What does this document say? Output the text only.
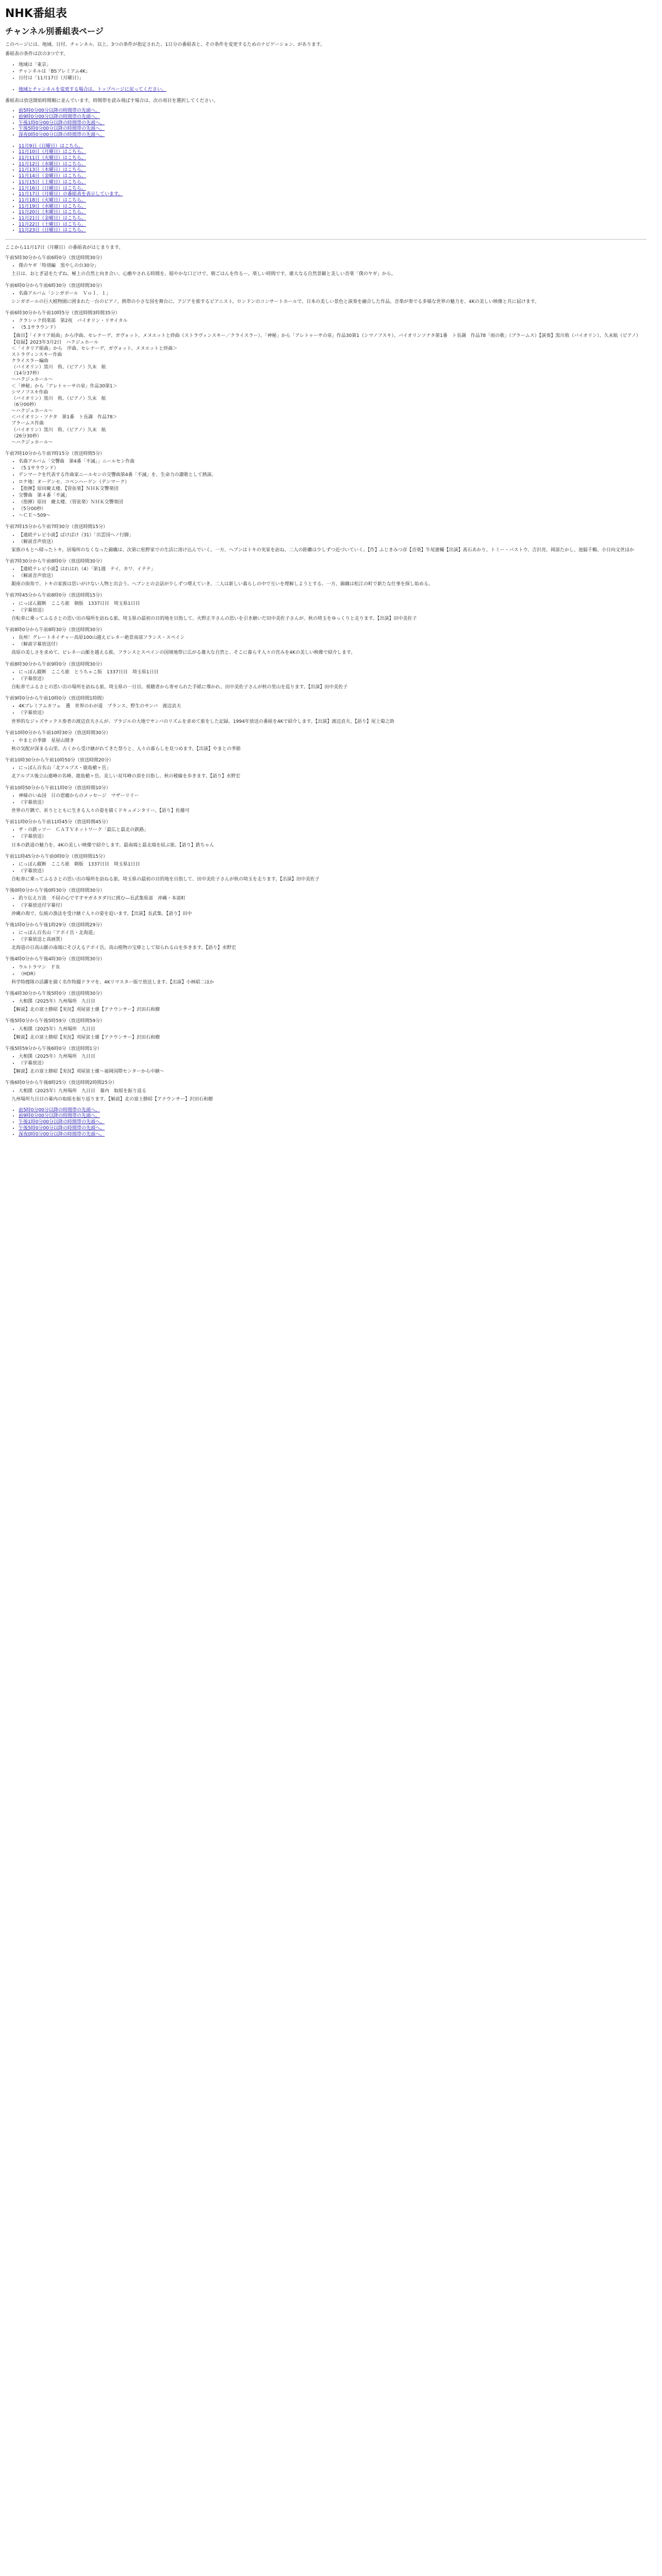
NHK番組表
チャンネル別番組表ページ

このページには、地域、日付、チャンネル、以上、3つの条件が指定された、1日分の番組表と、その条件を変更するためのナビゲーション、があります。

番組表の条件は次の3つです。

• 地域は「東京」
• チャンネルは「BSプレミアム4K」
• 日付は「11月17日（月曜日）」
• 地域とチャンネルを変更する場合は、トップページに戻ってください。

番組表は放送開始時間順に並んでいます。時間帯を読み飛ばす場合は、次の項目を選択してください。

• 前5時0分00分以降の時間帯の先頭へ。
• 前9時0分00分以降の時間帯の先頭へ。
• 午後1時0分00分以降の時間帯の先頭へ。
• 午後5時0分00分以降の時間帯の先頭へ。
• 深夜0時0分00分以降の時間帯の先頭へ。
• 11月9日（日曜日）はこちら。
• 11月10日（月曜日）はこちら。
• 11月11日（火曜日）はこちら。
• 11月12日（水曜日）はこちら。
• 11月13日（木曜日）はこちら。
• 11月14日（金曜日）はこちら。
• 11月15日（土曜日）はこちら。
• 11月16日（日曜日）はこちら。
• 11月17日（月曜日）の番組表を表示しています。
• 11月18日（火曜日）はこちら。
• 11月19日（水曜日）はこちら。
• 11月20日（木曜日）はこちら。
• 11月21日（金曜日）はこちら。
• 11月22日（土曜日）はこちら。
• 11月23日（日曜日）はこちら。

ここから11月17日（月曜日）の番組表がはじまります。

午前5時30分から午前6時0分（放送時間30分）
• 僕のヤギ「特別編　黒やしの台30分」
土日は、おとぎ話をたずね、極上の自然と向き合い、心癒やされる時間を。穏やかな口どけで、朝ごはんを作るー。楽しい時間です。雄大なる自然景観と美しい音楽「僕のヤギ」から。
午前6時0分から午前6時30分（放送時間30分）
• 名曲アルバム「シンガポール　Ｖｏｌ．１」
シンガポールの巨大植物園に囲まれた一台のピアノ。熱帯の小さな国を舞台に、アジアを旅するピアニスト。ロンドンのコンサートホールで、日本の美しい景色と演奏を融合した作品。音楽が奏でる多様な世界の魅力を、4Kの美しい映像と共に届けます。
午前6時30分から午前10時5分（放送時間3時間35分）
• クラシック倶楽部　第2夜　バイオリン・リサイタル
• （5.1サラウンド）
【曲目】「イタリア組曲」から序曲、セレナーデ、ガヴォット、メヌエットと終曲（ストラヴィンスキー／クライスラー）、「神秘」から「アレトゥーサの泉」作品30第1（シマノフスキ）、バイオリンソナタ第1番　ト長調　作品78「雨の歌」（ブラームス）【演奏】黒川侑（バイオリン）、久末航（ピアノ）【収録】2023年3月2日　ハクジュホール
＜「イタリア組曲」から　序曲、セレナーデ、ガヴォット、メヌエットと終曲＞
ストラヴィンスキー作曲
クライスラー編曲
（バイオリン）黒川　侑、（ピアノ）久末　航
（14分37秒）
～ハクジュホール～
＜「神秘」から「アレトゥーサの泉」作品30第1＞
シマノフスキ作曲
（バイオリン）黒川　侑、（ピアノ）久末　航
（6分00秒）
～ハクジュホール～
＜バイオリン・ソナタ　第1番　ト長調　作品78＞
ブラームス作曲
（バイオリン）黒川　侑、（ピアノ）久末　航
（26分30秒）
～ハクジュホール～
午前7時10分から午前7時15分（放送時間5分）
• 名曲アルバム「交響曲　第4番「不滅」」ニールセン作曲
• （5.1サラウンド）
• デンマークを代表する作曲家ニールセンの交響曲第4番「不滅」を、生命力の讃歌として熱演。
• ロケ地：オーデンセ、コペンハーゲン（デンマーク）
• 【指揮】原田慶太楼、【管弦楽】ＮＨＫ交響楽団
• 交響曲　第４番「不滅」
• （指揮）原田　慶太楼、（管弦楽）ＮＨＫ交響楽団
• （5分00秒）
• ～ＣＥ～509～
午前7時15分から午前7時30分（放送時間15分）
• 【連続テレビ小説】ばけばけ（31）「出雲国ヘノ行脚」
• （解説音声放送）
家族のもとへ帰ったトキ。居場所のなくなった錦織は、次第に松野家での生活に溶け込んでいく。一方、ヘブンはトキの実家を訪ね、二人の距離は少しずつ近づいていく。【作】ふじきみつ彦【音楽】牛尾憲輔【出演】髙石あかり、トミー・バストウ、吉沢亮、岡部たかし、池脇千鶴、小日向文世ほか
午前7時30分から午前8時0分（放送時間30分）
• 【連続テレビ小説】はれはれ（4）「第1週　テイ、カワ、イテテ」
• （解説音声放送）
銀座の街角で、トキの家族は思いがけない人物と出会う。ヘブンとの会話が少しずつ増えていき、二人は新しい暮らしの中で互いを理解しようとする。一方、錦織は松江の町で新たな仕事を探し始める。
午前7時45分から午前8時0分（放送時間15分）
• にっぽん縦断　こころ旅　朝版　1337日目　埼玉県1日目
• （字幕放送）
自転車に乗ってふるさとの思い出の場所を訪ねる旅。埼玉県の最初の目的地を目指して、火野正平さんの思いを引き継いだ田中美佐子さんが、秋の埼玉をゆっくりと走ります。【出演】田中美佐子
午前8時0分から午前8時30分（放送時間30分）
• 長州！グレートネイチャー高原100山越えピレネー絶景南部フランス・スペイン
• （解説字幕放送付）
高原の美しさを求めて、ピレネー山脈を越える旅。フランスとスペインの国境地帯に広がる雄大な自然と、そこに暮らす人々の営みを4Kの美しい映像で紹介します。
午前8時30分から午前9時0分（放送時間30分）
• にっぽん縦断　こころ旅　とうちゃこ版　1337日目　埼玉県1日目
• （字幕放送）
自転車でふるさとの思い出の場所を訪ねる旅。埼玉県の一日目。視聴者から寄せられた手紙に導かれ、田中美佐子さんが秋の里山を巡ります。【出演】田中美佐子
午前9時0分から午前10時0分（放送時間1時間）
• 4Kプレミアムカフェ　選　世界のわが道　プランス、野生のサンバ　渡辺貞夫
• （字幕放送）
世界的なジャズサックス奏者の渡辺貞夫さんが、ブラジルの大地でサンバのリズムを求めて旅をした記録。1994年放送の番組を4Kで紹介します。【出演】渡辺貞夫、【語り】尾上菊之助
午前10時0分から午前10時30分（放送時間30分）
• やまとの季節　星屋山開き
秋の気配が深まる山里。古くから受け継がれてきた祭りと、人々の暮らしを見つめます。【出演】やまとの季節
午前10時30分から午前10時50分（放送時間20分）
• にっぽん百名山「北アルプス・鹿島槍ヶ岳」
北アルプス後立山連峰の名峰、鹿島槍ヶ岳。美しい双耳峰の頂を目指し、秋の稜線を歩きます。【語り】水野宏
午前10時50分から午前11時0分（放送時間10分）
• 神様のいぬ国　日の恩寵からのメッセージ　マザーリリー
• （字幕放送）
世界の片隅で、祈りとともに生きる人々の姿を描くドキュメンタリー。【語り】佐藤可
午前11時0分から午前11時45分（放送時間45分）
• ザ・の鉄ッツー　ＣＡＴＶネットワーク「最広と最北の鉄路」
• （字幕放送）
日本の鉄道の魅力を、4Kの美しい映像で紹介します。最南端と最北端を結ぶ旅。【語り】鉄ちゃん
午前11時45分から午前0時0分（放送時間15分）
• にっぽん縦断　こころ旅　朝版　1337日目　埼玉県1日目
• （字幕放送）
自転車に乗ってふるさとの思い出の場所を訪ねる旅。埼玉県の最初の目的地を目指して、田中美佐子さんが秋の埼玉を走ります。【出演】田中美佐子
午後0時0分から午後0時30分（放送時間30分）
• 釣り伝え万流　不屈の心ですすサガネタダ川に挑む―長武集県部　沖縄・本部町
• （字幕放送付字幕付）
沖縄の海で、伝統の漁法を受け継ぐ人々の姿を追います。【出演】長武集、【語り】田中
午後1時0分から午後1時29分（放送時間29分）
• にっぽん百名山「アポイ岳・北海道」
• （字幕放送と高画質）
北海道の日高山脈の南端にそびえるアポイ岳。高山植物の宝庫として知られる山を歩きます。【語り】水野宏
午後4時0分から午後4時30分（放送時間30分）
• ウルトラマン　ＦＲ
• （HDR）
科学特捜隊の活躍を描く名作特撮ドラマを、4Kリマスター版で放送します。【出演】小林昭二ほか
午後4時30分から午後5時0分（放送時間30分）
• 大相撲（2025年）九州場所　九日目
【解説】北の富士勝昭【実況】刈屋富士雄【アナウンサー】沢田石和樹
午後5時0分から午後5時59分（放送時間59分）
• 大相撲（2025年）九州場所　九日目
【解説】北の富士勝昭【実況】刈屋富士雄【アナウンサー】沢田石和樹
午後5時59分から午後6時0分（放送時間1分）
• 大相撲（2025年）九州場所　九日目
• （字幕放送）
【解説】北の富士勝昭【実況】刈屋富士雄～福岡国際センターから中継～
午後6時0分から午後8時25分（放送時間2時間25分）
• 大相撲（2025年）九州場所　九日目　幕内　取組を振り返る
九州場所九日目の幕内の取組を振り返ります。【解説】北の富士勝昭【アナウンサー】沢田石和樹
• 前5時0分00分以降の時間帯の先頭へ。
• 前9時0分00分以降の時間帯の先頭へ。
• 午後1時0分00分以降の時間帯の先頭へ。
• 午後5時0分00分以降の時間帯の先頭へ。
• 深夜0時0分00分以降の時間帯の先頭へ。
